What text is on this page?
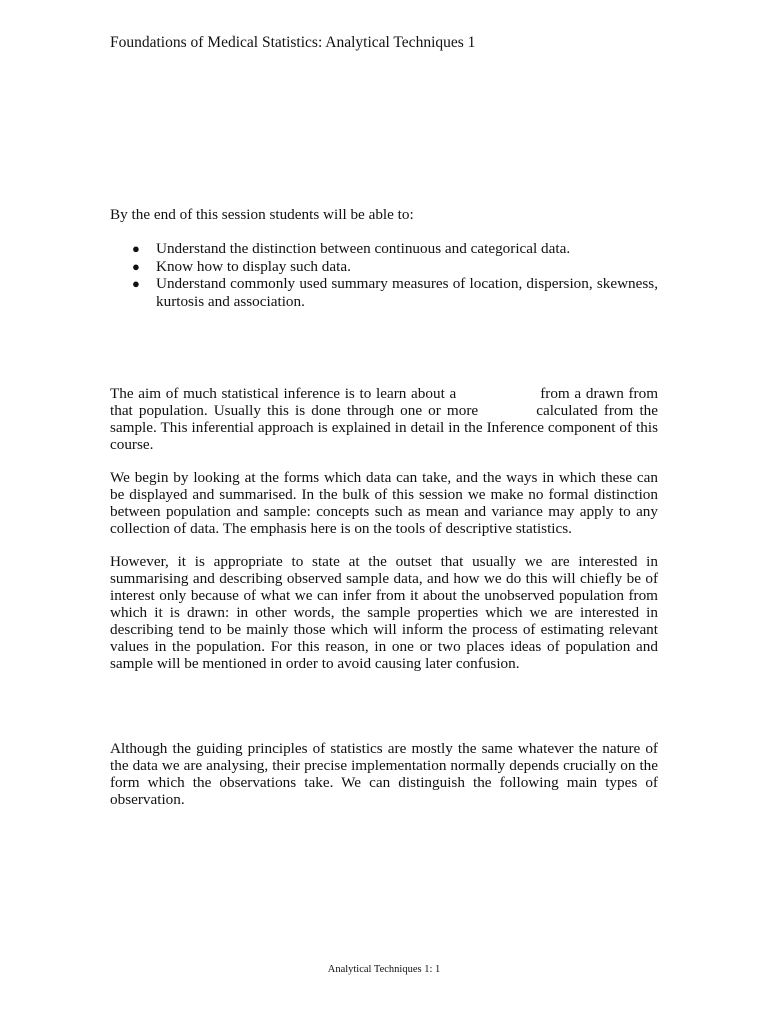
Foundations of Medical Statistics: Analytical Techniques 1
By the end of this session students will be able to:
● Understand the distinction between continuous and categorical data.
● Know how to display such data.
● Understand commonly used summary measures of location, dispersion, skewness, kurtosis and association.
The aim of much statistical inference is to learn about a	from a drawn from that population. Usually this is done through one or more	calculated from the sample. This inferential approach is explained in detail in the Inference component of this course.
We begin by looking at the forms which data can take, and the ways in which these can be displayed and summarised. In the bulk of this session we make no formal distinction between population and sample: concepts such as mean and variance may apply to any collection of data. The emphasis here is on the tools of descriptive statistics.
However, it is appropriate to state at the outset that usually we are interested in summarising and describing observed sample data, and how we do this will chiefly be of interest only because of what we can infer from it about the unobserved population from which it is drawn: in other words, the sample properties which we are interested in describing tend to be mainly those which will inform the process of estimating relevant values in the population. For this reason, in one or two places ideas of population and sample will be mentioned in order to avoid causing later confusion.
Although the guiding principles of statistics are mostly the same whatever the nature of the data we are analysing, their precise implementation normally depends crucially on the form which the observations take. We can distinguish the following main types of observation.
Analytical Techniques 1: 1
